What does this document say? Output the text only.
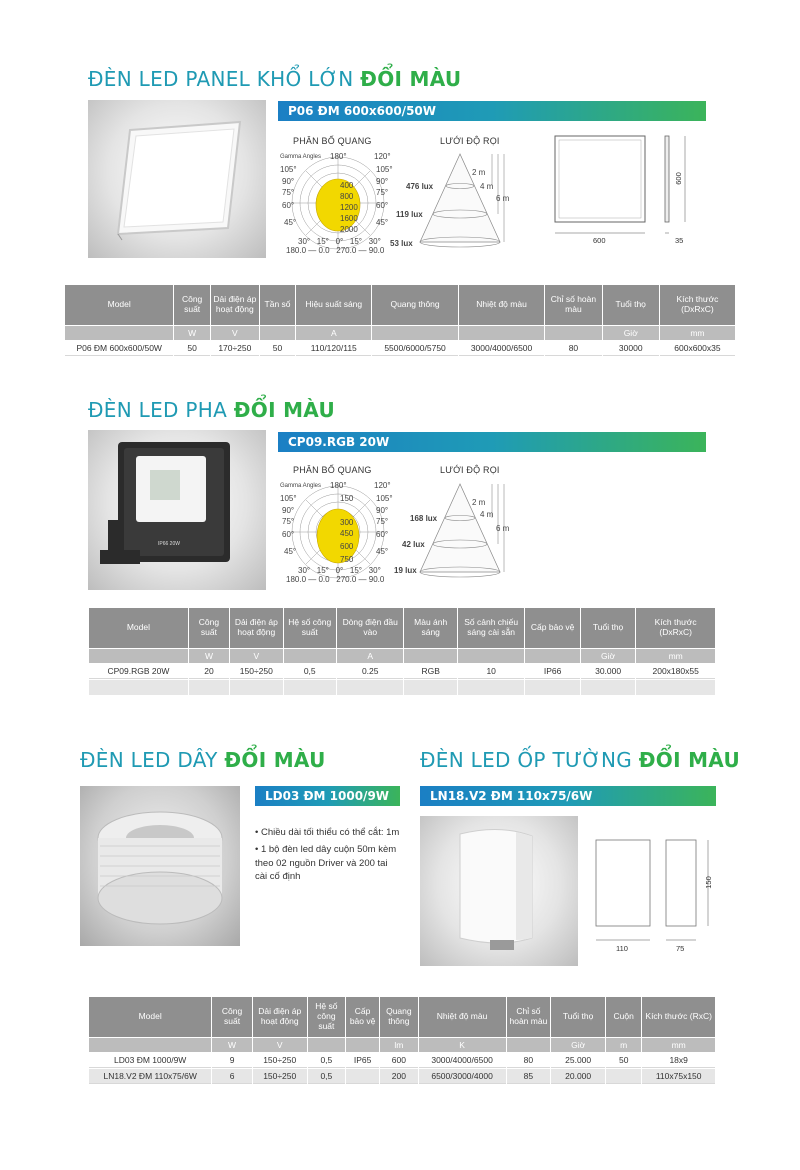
ĐÈN LED PANEL KHỔ LỚN ĐỔI MÀU
P06 ĐM 600x600/50W
PHÂN BỐ QUANG	LƯỚI ĐỘ RỌI
Gamma Angles 180°	120°
105°	105°
90°	90°
75°	75°
60°	60°
45°	45°
400
800
1200
1600
2000
30° 15° 0° 15° 30°
180.0 — 0.0 270.0 — 90.0
476 lux
119 lux
53 lux
2 m
4 m
6 m
600
600
35
Model	Công suất	Dải điện áp hoạt động	Tần số	Hiệu suất sáng	Quang thông	Nhiệt độ màu	Chỉ số hoàn màu	Tuổi thọ	Kích thước (DxRxC)
	W	V		A				Giờ	mm
P06 ĐM 600x600/50W	50	170÷250	50	110/120/115	5500/6000/5750	3000/4000/6500	80	30000	600x600x35
ĐÈN LED PHA ĐỔI MÀU
IP66 20W
CP09.RGB 20W
PHÂN BỐ QUANG	LƯỚI ĐỘ RỌI
Gamma Angles 180°	120°
105°	105°
90°	90°
75°	75°
60°	60°
45°	45°
150
300
450
600
750
30° 15° 0° 15° 30°
180.0 — 0.0 270.0 — 90.0
168 lux
42 lux
19 lux
2 m
4 m
6 m
Model	Công suất	Dải điện áp hoạt động	Hệ số công suất	Dòng điện đầu vào	Màu ánh sáng	Số cảnh chiếu sáng cài sẵn	Cấp bảo vệ	Tuổi thọ	Kích thước (DxRxC)
	W	V		A				Giờ	mm
CP09.RGB 20W	20	150÷250	0,5	0.25	RGB	10	IP66	30.000	200x180x55

ĐÈN LED DÂY ĐỔI MÀU
LD03 ĐM 1000/9W
• Chiều dài tối thiểu có thể cắt: 1m
• 1 bộ đèn led dây cuộn 50m kèm theo 02 nguồn Driver và 200 tai cài cố định
ĐÈN LED ỐP TƯỜNG ĐỔI MÀU
LN18.V2 ĐM 110x75/6W
110	75
150
Model	Công suất	Dải điện áp hoạt động	Hệ số công suất	Cấp bảo vệ	Quang thông	Nhiệt độ màu	Chỉ số hoàn màu	Tuổi thọ	Cuộn	Kích thước (RxC)
	W	V			lm	K		Giờ	m	mm
LD03 ĐM 1000/9W	9	150÷250	0,5	IP65	600	3000/4000/6500	80	25.000	50	18x9
LN18.V2 ĐM 110x75/6W	6	150÷250	0,5		200	6500/3000/4000	85	20.000		110x75x150
